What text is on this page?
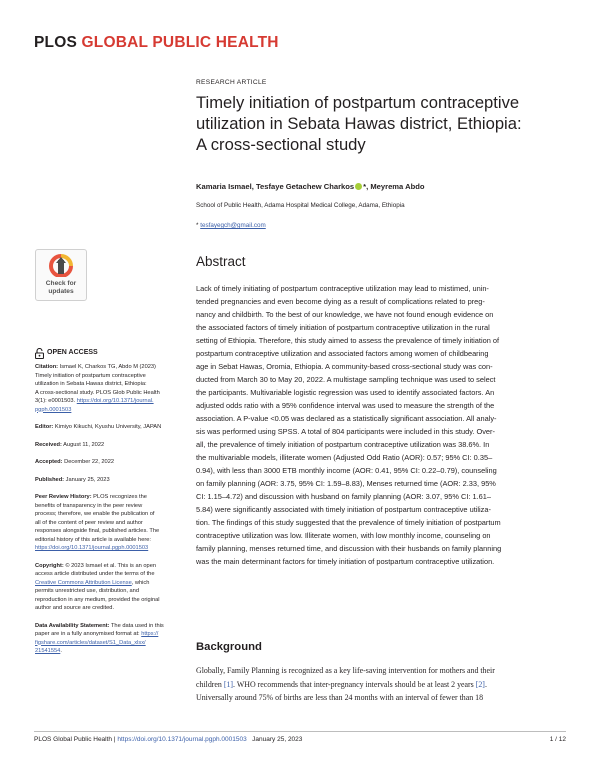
PLOS GLOBAL PUBLIC HEALTH
RESEARCH ARTICLE
Timely initiation of postpartum contraceptive
utilization in Sebata Hawas district, Ethiopia:
A cross-sectional study
Kamaria Ismael, Tesfaye Getachew Charkos *, Meyrema Abdo
School of Public Health, Adama Hospital Medical College, Adama, Ethiopia
* tesfayegch@gmail.com
Check for
updates
OPEN ACCESS
Citation: Ismael K, Charkos TG, Abdo M (2023)
Timely initiation of postpartum contraceptive
utilization in Sebata Hawas district, Ethiopia:
A cross-sectional study. PLOS Glob Public Health
3(1): e0001503. https://doi.org/10.1371/journal.
pgph.0001503
Editor: Kimiyo Kikuchi, Kyushu University, JAPAN
Received: August 11, 2022
Accepted: December 22, 2022
Published: January 25, 2023
Peer Review History: PLOS recognizes the
benefits of transparency in the peer review
process; therefore, we enable the publication of
all of the content of peer review and author
responses alongside final, published articles. The
editorial history of this article is available here:
https://doi.org/10.1371/journal.pgph.0001503
Copyright: © 2023 Ismael et al. This is an open
access article distributed under the terms of the
Creative Commons Attribution License, which
permits unrestricted use, distribution, and
reproduction in any medium, provided the original
author and source are credited.
Data Availability Statement: The data used in this
paper are in a fully anonymised format at: https://
figshare.com/articles/dataset/S1_Data_xlsx/
21541554.
Abstract
Lack of timely initiating of postpartum contraceptive utilization may lead to mistimed, unin-
tended pregnancies and even become dying as a result of complications related to preg-
nancy and childbirth. To the best of our knowledge, we have not found enough evidence on
the associated factors of timely initiation of postpartum contraceptive utilization in the rural
setting of Ethiopia. Therefore, this study aimed to assess the prevalence of timely initiation of
postpartum contraceptive utilization and associated factors among women of childbearing
age in Sebat Hawas, Oromia, Ethiopia. A community-based cross-sectional study was con-
ducted from March 30 to May 20, 2022. A multistage sampling technique was used to select
the participants. Multivariable logistic regression was used to identify associated factors. An
adjusted odds ratio with a 95% confidence interval was used to measure the strength of the
association. A P-value <0.05 was declared as a statistically significant association. All analy-
sis was performed using SPSS. A total of 804 participants were included in this study. Over-
all, the prevalence of timely initiation of postpartum contraceptive utilization was 38.6%. In
the multivariable models, illiterate women (Adjusted Odd Ratio (AOR): 0.57; 95% CI: 0.35–
0.94), with less than 3000 ETB monthly income (AOR: 0.41, 95% CI: 0.22–0.79), counseling
on family planning (AOR: 3.75, 95% CI: 1.59–8.83), Menses returned time (AOR: 2.33, 95%
CI: 1.15–4.72) and discussion with husband on family planning (AOR: 3.07, 95% CI: 1.61–
5.84) were significantly associated with timely initiation of postpartum contraceptive utiliza-
tion. The findings of this study suggested that the prevalence of timely initiation of postpartum
contraceptive utilization was low. Illiterate women, with low monthly income, counseling on
family planning, menses returned time, and discussion with their husbands on family planning
was the main determinant factors for timely initiation of postpartum contraceptive utilization.
Background
Globally, Family Planning is recognized as a key life-saving intervention for mothers and their
children [1]. WHO recommends that inter-pregnancy intervals should be at least 2 years [2].
Universally around 75% of births are less than 24 months with an interval of fewer than 18
PLOS Global Public Health | https://doi.org/10.1371/journal.pgph.0001503 January 25, 2023	1 / 12
